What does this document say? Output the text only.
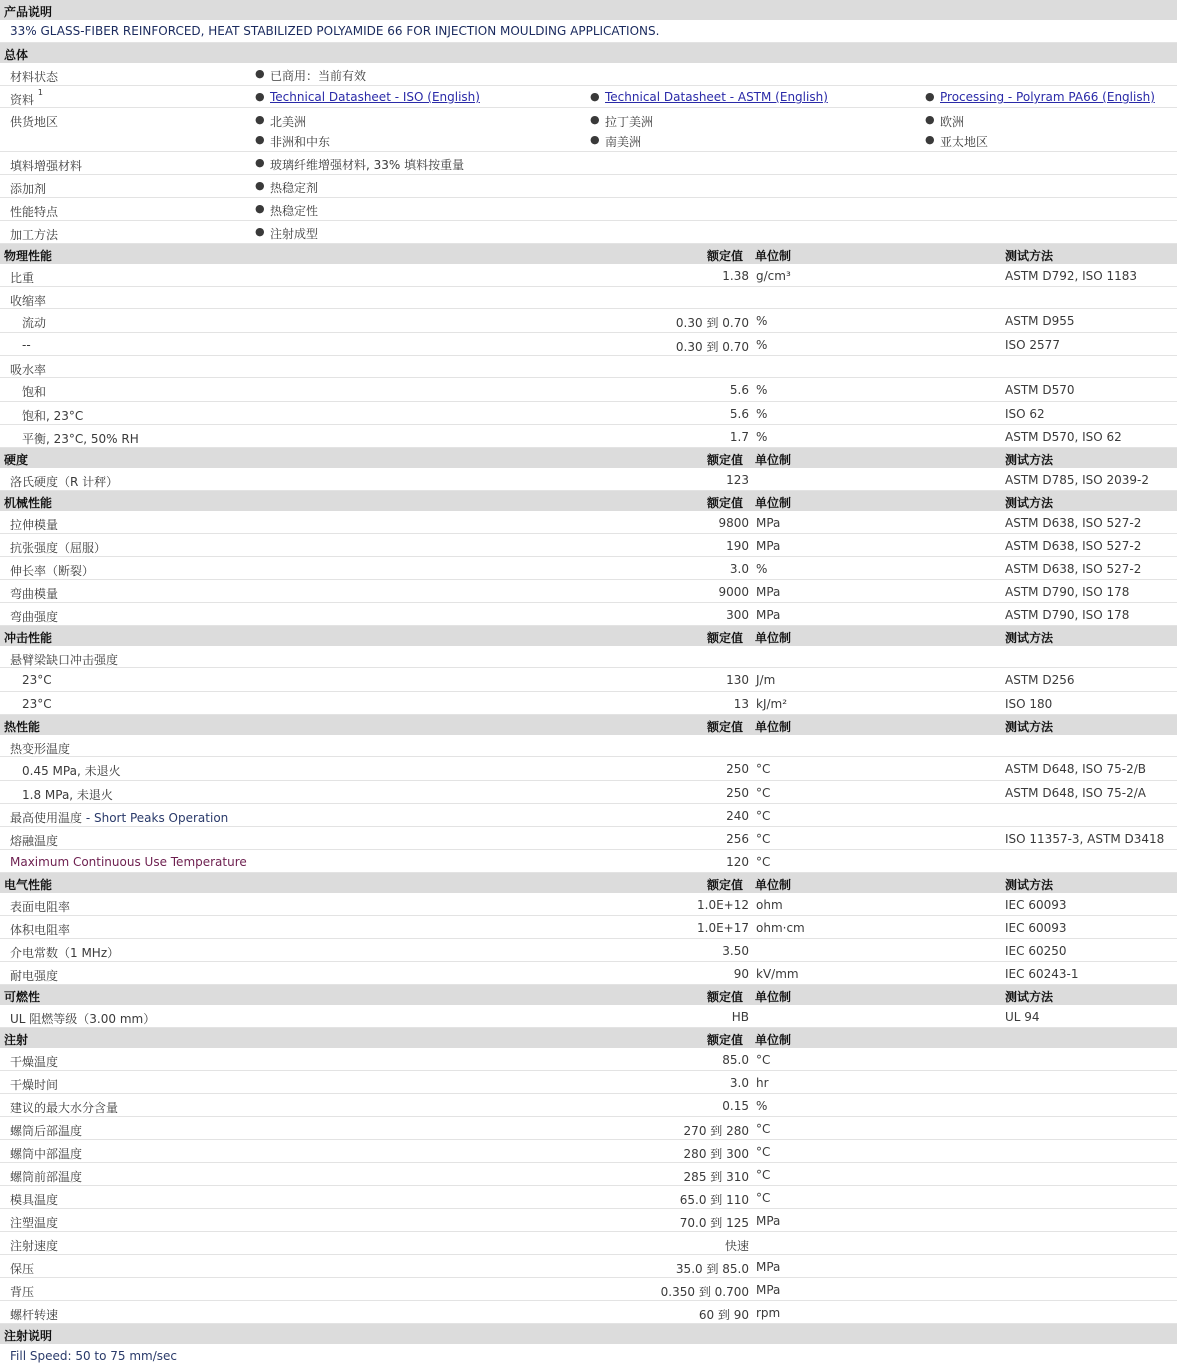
产品说明
33% GLASS-FIBER REINFORCED, HEAT STABILIZED POLYAMIDE 66 FOR INJECTION MOULDING APPLICATIONS.
总体
材料状态	● 已商用：当前有效
资料 $^1$	● Technical Datasheet - ISO (English)	● Technical Datasheet - ASTM (English)	● Processing - Polyram PA66 (English)
供货地区	● 北美洲	● 拉丁美洲	● 欧洲
● 非洲和中东	● 南美洲	● 亚太地区
填料增强材料	● 玻璃纤维增强材料, 33% 填料按重量
添加剂	● 热稳定剂
性能特点	● 热稳定性
加工方法	● 注射成型
物理性能	额定值 单位制	测试方法
比重	1.38 g/cm³	ASTM D792, ISO 1183
收缩率
流动	0.30 到 0.70 %	ASTM D955
--	0.30 到 0.70 %	ISO 2577
吸水率
饱和	5.6 %	ASTM D570
饱和, 23°C	5.6 %	ISO 62
平衡, 23°C, 50% RH	1.7 %	ASTM D570, ISO 62
硬度	额定值 单位制	测试方法
洛氏硬度（R 计秤）	123	ASTM D785, ISO 2039-2
机械性能	额定值 单位制	测试方法
拉伸模量	9800 MPa	ASTM D638, ISO 527-2
抗张强度（屈服）	190 MPa	ASTM D638, ISO 527-2
伸长率（断裂）	3.0 %	ASTM D638, ISO 527-2
弯曲模量	9000 MPa	ASTM D790, ISO 178
弯曲强度	300 MPa	ASTM D790, ISO 178
冲击性能	额定值 单位制	测试方法
悬臂梁缺口冲击强度
23°C	130 J/m	ASTM D256
23°C	13 kJ/m²	ISO 180
热性能	额定值 单位制	测试方法
热变形温度
0.45 MPa, 未退火	250 °C	ASTM D648, ISO 75-2/B
1.8 MPa, 未退火	250 °C	ASTM D648, ISO 75-2/A
最高使用温度 - Short Peaks Operation	240 °C
熔融温度	256 °C	ISO 11357-3, ASTM D3418
Maximum Continuous Use Temperature	120 °C
电气性能	额定值 单位制	测试方法
表面电阻率	1.0E+12 ohm	IEC 60093
体积电阻率	1.0E+17 ohm·cm	IEC 60093
介电常数（1 MHz）	3.50	IEC 60250
耐电强度	90 kV/mm	IEC 60243-1
可燃性	额定值 单位制	测试方法
UL 阻燃等级（3.00 mm）	HB	UL 94
注射	额定值 单位制
干燥温度	85.0 °C
干燥时间	3.0 hr
建议的最大水分含量	0.15 %
螺筒后部温度	270 到 280 °C
螺筒中部温度	280 到 300 °C
螺筒前部温度	285 到 310 °C
模具温度	65.0 到 110 °C
注塑温度	70.0 到 125 MPa
注射速度	快速
保压	35.0 到 85.0 MPa
背压	0.350 到 0.700 MPa
螺杆转速	60 到 90 rpm
注射说明
Fill Speed: 50 to 75 mm/sec
